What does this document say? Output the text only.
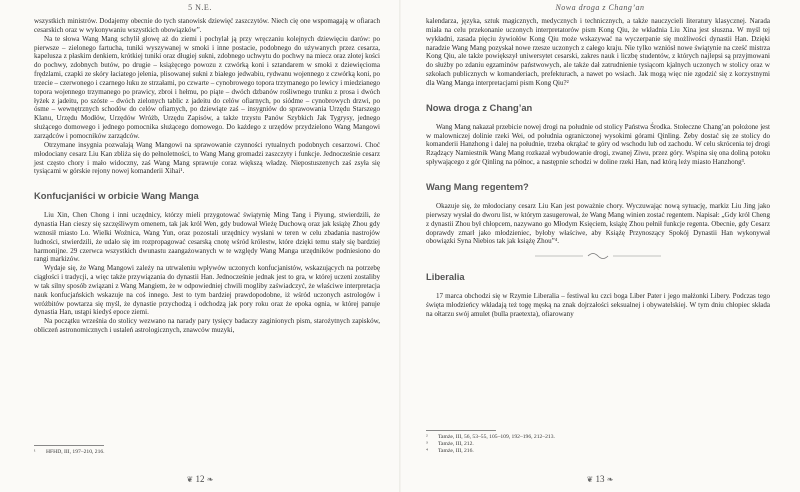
5 N.E.

wszystkich ministrów. Dodajemy obecnie do tych stanowisk dziewięć zaszczytów. Niech cię one wspomagają w ofiarach cesarskich oraz w wykonywaniu wszystkich obowiązków”.

Na te słowa Wang Mang schylił głowę aż do ziemi i pochylał ją przy wręczaniu kolejnych dziewięciu darów: po pierwsze – zielonego fartucha, tuniki wyszywanej w smoki i inne postacie, podobnego do używanych przez cesarza, kapelusza z płaskim denkiem, krótkiej tuniki oraz długiej sukni, zdobnego uchwytu do pochwy na miecz oraz złotej kości do pochwy, zdobnych butów, po drugie – książęcego powozu z czwórką koni i sztandarem w smoki z dziewięcioma frędzlami, czapki ze skóry łaciatego jelenia, plisowanej sukni z białego jedwabiu, rydwanu wojennego z czwórką koni, po trzecie – czerwonego i czarnego łuku ze strzałami, po czwarte – cynobrowego topora trzymanego po lewicy i miedzianego topora wojennego trzymanego po prawicy, zbroi i hełmu, po piąte – dwóch dzbanów rośliwnego trunku z prosa i dwóch łyżek z jadeitu, po szóste – dwóch zielonych tablic z jadeitu do celów ofiarnych, po siódme – cynobrowych drzwi, po ósme – wewnętrznych schodów do celów ofiarnych, po dziewiąte zaś – insygniów do sprawowania Urzędu Starszego Klanu, Urzędu Modłów, Urzędów Wróżb, Urzędu Zapisów, a także trzystu Panów Szybkich Jak Tygrysy, jednego służącego domowego i jednego pomocnika służącego domowego. Do każdego z urzędów przydzielono Wang Mangowi zarządców i pomocników zarządców.

Otrzymane insygnia pozwalają Wang Mangowi na sprawowanie czynności rytualnych podobnych cesarzowi. Choć młodociany cesarz Liu Kan zbliża się do pełnoletności, to Wang Mang gromadzi zaszczyty i funkcje. Jednocześnie cesarz jest często chory i mało widoczny, zaś Wang Mang sprawuje coraz większą władzę. Niepostuszenych zaś zsyła się tysiącami w górskie rejony nowej komanderii Xihai¹.

Konfucjaniści w orbicie Wang Manga

Liu Xin, Chen Chong i inni uczędnicy, którzy mieli przygotować świątynię Ming Tang i Piyung, stwierdzili, że dynastia Han cieszy się szczęśliwym omenem, tak jak król Wen, gdy budował Wieżę Duchową oraz jak książę Zhou gdy wznosił miasto Lo. Wielki Woźnica, Wang Yun, oraz pozostali urzędnicy wysłani w teren w celu zbadania nastrojów ludności, stwierdzili, że udało się im rozpropagować cesarską cnotę wśród królestw, które dzięki temu stały się bardziej harmonijne. 29 czerwca wszystkich dwunastu zaangażowanych w te względy Wang Manga urzędników podniesiono do rangi markizów.

Wydaje się, że Wang Mangowi zależy na utrwaleniu wpływów uczonych konfucjanistów, wskazujących na potrzebę ciągłości i tradycji, a więc także przywiązania do dynastii Han. Jednocześnie jednak jest to gra, w której uczeni zostaliby w tak silny sposób związani z Wang Mangiem, że w odpowiedniej chwili mogliby zaświadczyć, że właściwe interpretacja nauk konfucjańskich wskazuje na coś innego. Jest to tym bardziej prawdopodobne, iż wśród uczonych astrologów i wróżbitów powtarza się myśl, że dynastie przychodzą i odchodzą jak pory roku oraz że epoka ognia, w której panuje dynastia Han, ustąpi kiedyś epoce ziemi.

Na początku września do stolicy wezwano na narady pary tysięcy badaczy zaginionych pism, starożytnych zapisków, obliczeń astronomicznych i ustaleń astrologicznych, znawców muzyki,

¹ HFHD, III, 197–210, 216.
❦ 12 ❧
Nowa droga z Chang’an

kalendarza, języka, sztuk magicznych, medycznych i technicznych, a także nauczycieli literatury klasycznej. Narada miała na celu przekonanie uczonych interpretatorów pism Kong Qiu, że wkładnia Liu Xina jest słuszna. W myśl tej wykładni, zasada pięciu żywiołów Kong Qiu może wskazywać na wyczerpanie się możliwości dynastii Han. Dzięki naradzie Wang Mang pozyskał nowe rzesze uczonych z całego kraju. Nie tylko wzniósł nowe świątynie na cześć mistrza Kong Qiu, ale także powiększył uniwersytet cesarski, zakres nauk i liczbę studentów, z których najlepsi są przyjmowani do służby po zdaniu egzaminów państwowych, ale także dał zatrudnienie tysiącom kjalnych uczonych w stolicy oraz w szkołach publicznych w komanderiach, prefekturach, a nawet po wsiach. Jak mogą więc nie zgodzić się z korzystnymi dla Wang Manga interpretacjami pism Kong Qiu?²

Nowa droga z Chang’an

Wang Mang nakazał przebicie nowej drogi na południe od stolicy Państwa Środka. Stołeczne Chang’an położone jest w malowniczej dolinie rzeki Wei, od południa ograniczonej wysokimi górami Qinling. Żeby dostać się ze stolicy do komanderii Hanzhong i dalej na południe, trzeba okrążać te góry od wschodu lub od zachodu. W celu skrócenia tej drogi Rządzący Namiestnik Wang Mang rozkazał wybudowanie drogi, zwanej Ziwu, przez góry. Wspina się ona doliną potoku spływającego z gór Qinling na północ, a następnie schodzi w doline rzeki Han, nad którą leży miasto Hanzhong³.

Wang Mang regentem?

Okazuje się, że młodociany cesarz Liu Kan jest poważnie chory. Wyczuwając nową sytuację, markiz Liu Jing jako pierwszy wysłał do dworu list, w którym zasugerował, że Wang Mang winien zostać regentem. Napisał: „Gdy król Cheng z dynastii Zhou był chłopcem, nazywano go Młodym Księciem, książę Zhou pełnił funkcje regenta. Obecnie, gdy Cesarz doprawdy zmarł jako młodzieniec, byłoby właściwe, aby Książę Przynoszący Spokój Dynastii Han wykonywał obowiązki Syna Niebios tak jak książę Zhou”⁴.

Liberalia

17 marca obchodzi się w Rzymie Liberalia – festiwal ku czci boga Liber Pater i jego małżonki Libery. Podczas tego święta młodzieńcy wkładają też togę męską na znak dojrzałości seksualnej i obywatelskiej. W tym dniu chłopiec składa na ołtarzu swój amulet (bulla praetexta), ofiarowany

² Tamże, III, 56, 53–55, 105–109, 192–196, 212–213.
³ Tamże, III, 212.
⁴ Tamże, III, 216.
❦ 13 ❧
